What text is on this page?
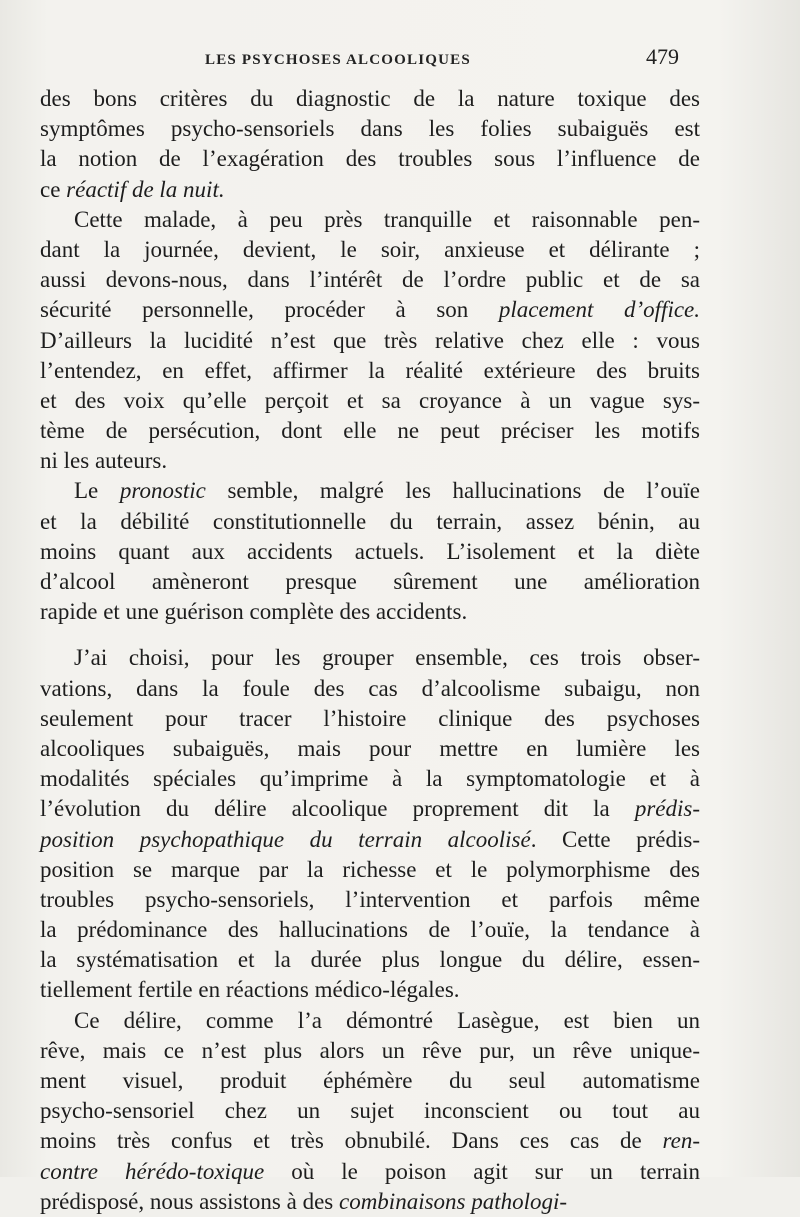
LES PSYCHOSES ALCOOLIQUES	479
des bons critères du diagnostic de la nature toxique des
symptômes psycho-sensoriels dans les folies subaiguës est
la notion de l’exagération des troubles sous l’influence de
ce réactif de la nuit.
Cette malade, à peu près tranquille et raisonnable pen-
dant la journée, devient, le soir, anxieuse et délirante ;
aussi devons-nous, dans l’intérêt de l’ordre public et de sa
sécurité personnelle, procéder à son placement d’office.
D’ailleurs la lucidité n’est que très relative chez elle : vous
l’entendez, en effet, affirmer la réalité extérieure des bruits
et des voix qu’elle perçoit et sa croyance à un vague sys-
tème de persécution, dont elle ne peut préciser les motifs
ni les auteurs.
Le pronostic semble, malgré les hallucinations de l’ouïe
et la débilité constitutionnelle du terrain, assez bénin, au
moins quant aux accidents actuels. L’isolement et la diète
d’alcool amèneront presque sûrement une amélioration
rapide et une guérison complète des accidents.
J’ai choisi, pour les grouper ensemble, ces trois obser-
vations, dans la foule des cas d’alcoolisme subaigu, non
seulement pour tracer l’histoire clinique des psychoses
alcooliques subaiguës, mais pour mettre en lumière les
modalités spéciales qu’imprime à la symptomatologie et à
l’évolution du délire alcoolique proprement dit la prédis-
position psychopathique du terrain alcoolisé. Cette prédis-
position se marque par la richesse et le polymorphisme des
troubles psycho-sensoriels, l’intervention et parfois même
la prédominance des hallucinations de l’ouïe, la tendance à
la systématisation et la durée plus longue du délire, essen-
tiellement fertile en réactions médico-légales.
Ce délire, comme l’a démontré Lasègue, est bien un
rêve, mais ce n’est plus alors un rêve pur, un rêve unique-
ment visuel, produit éphémère du seul automatisme
psycho-sensoriel chez un sujet inconscient ou tout au
moins très confus et très obnubilé. Dans ces cas de ren-
contre hérédo-toxique où le poison agit sur un terrain
prédisposé, nous assistons à des combinaisons pathologi-
